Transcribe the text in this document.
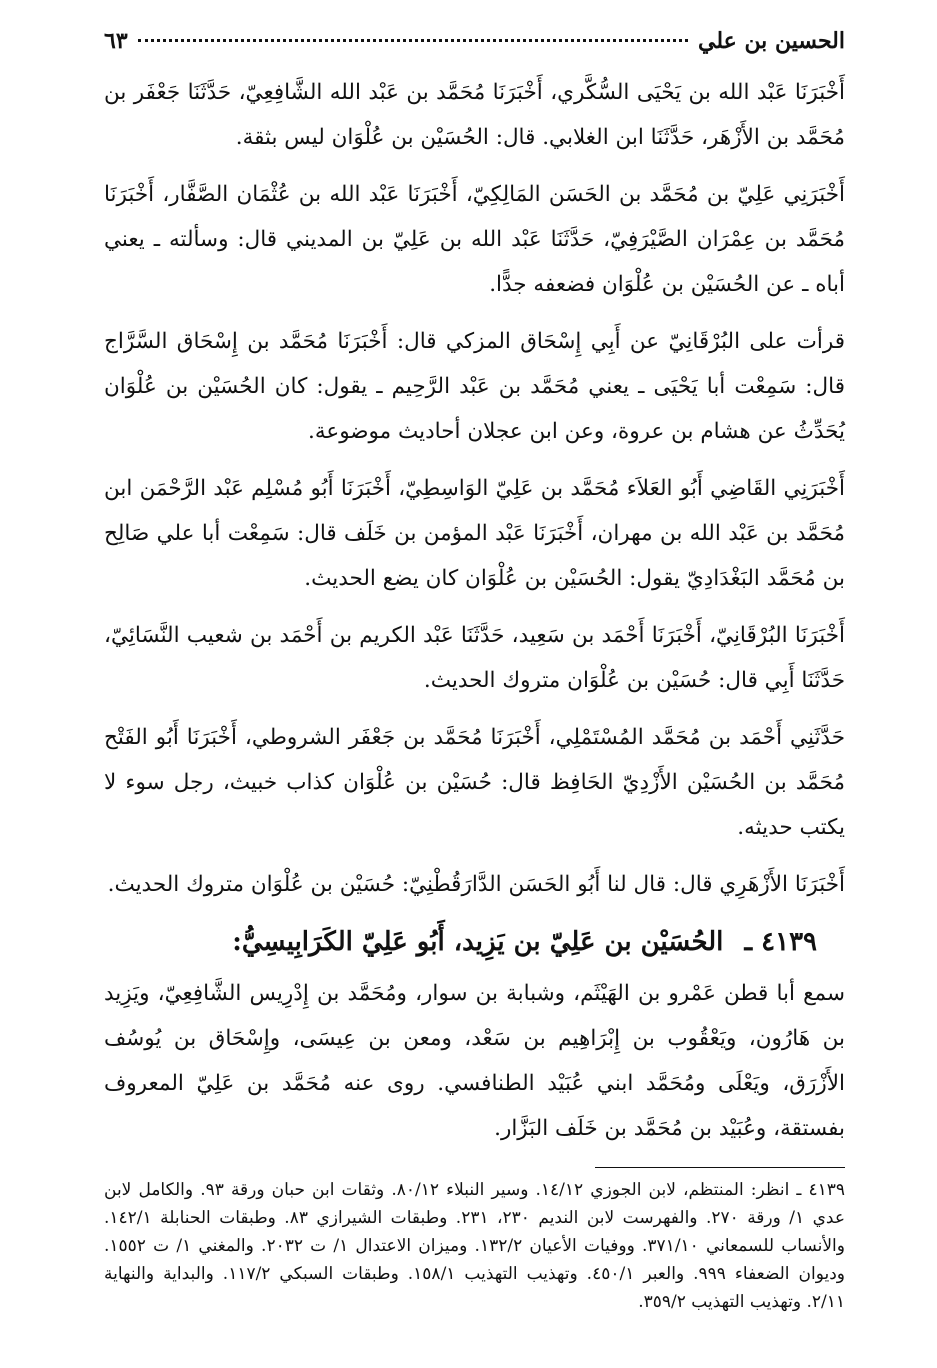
الحسين بن علي
٦٣

أَخْبَرَنَا عَبْد الله بن يَحْيَى السُّكَّري، أَخْبَرَنَا مُحَمَّد بن عَبْد الله الشَّافِعِيّ، حَدَّثَنَا جَعْفَر بن مُحَمَّد بن الأَزْهَر، حَدَّثَنَا ابن الغلابي. قال: الحُسَيْن بن عُلْوَان ليس بثقة.

أَخْبَرَنِي عَلِيّ بن مُحَمَّد بن الحَسَن المَالِكِيّ، أَخْبَرَنَا عَبْد الله بن عُثْمَان الصَّفَّار، أَخْبَرَنَا مُحَمَّد بن عِمْرَان الصَّيْرَفِيّ، حَدَّثَنَا عَبْد الله بن عَلِيّ بن المديني قال: وسألته ـ يعني أباه ـ عن الحُسَيْن بن عُلْوَان فضعفه جدًّا.

قرأت على البُرْقَانِيّ عن أَبِي إِسْحَاق المزكي قال: أَخْبَرَنَا مُحَمَّد بن إِسْحَاق السَّرَّاج قال: سَمِعْت أبا يَحْيَى ـ يعني مُحَمَّد بن عَبْد الرَّحِيم ـ يقول: كان الحُسَيْن بن عُلْوَان يُحَدِّثُ عن هشام بن عروة، وعن ابن عجلان أحاديث موضوعة.

أَخْبَرَنِي القَاضِي أَبُو العَلاَء مُحَمَّد بن عَلِيّ الوَاسِطِيّ، أَخْبَرَنَا أَبُو مُسْلِم عَبْد الرَّحْمَن ابن مُحَمَّد بن عَبْد الله بن مهران، أَخْبَرَنَا عَبْد المؤمن بن خَلَف قال: سَمِعْت أبا علي صَالِح بن مُحَمَّد البَغْدَادِيّ يقول: الحُسَيْن بن عُلْوَان كان يضع الحديث.

أَخْبَرَنَا البُرْقَانِيّ، أَخْبَرَنَا أَحْمَد بن سَعِيد، حَدَّثَنَا عَبْد الكريم بن أَحْمَد بن شعيب النَّسَائِيّ، حَدَّثَنَا أَبِي قال: حُسَيْن بن عُلْوَان متروك الحديث.

حَدَّثَنِي أَحْمَد بن مُحَمَّد المُسْتَمْلِي، أَخْبَرَنَا مُحَمَّد بن جَعْفَر الشروطي، أَخْبَرَنَا أَبُو الفَتْح مُحَمَّد بن الحُسَيْن الأَزْدِيّ الحَافِظ قال: حُسَيْن بن عُلْوَان كذاب خبيث، رجل سوء لا يكتب حديثه.

أَخْبَرَنَا الأَزْهَرِي قال: قال لنا أَبُو الحَسَن الدَّارَقُطْنِيّ: حُسَيْن بن عُلْوَان متروك الحديث.

٤١٣٩ ـ الحُسَيْن بن عَلِيّ بن يَزِيد، أَبُو عَلِيّ الكَرَابِيسِيُّ:

سمع أبا قطن عَمْرو بن الهَيْثَم، وشبابة بن سوار، ومُحَمَّد بن إِدْرِيس الشَّافِعِيّ، ويَزِيد بن هَارُون، ويَعْقُوب بن إِبْرَاهِيم بن سَعْد، ومعن بن عِيسَى، وإِسْحَاق بن يُوسُف الأَزْرَق، ويَعْلَى ومُحَمَّد ابني عُبَيْد الطنافسي. روى عنه مُحَمَّد بن عَلِيّ المعروف بفستقة، وعُبَيْد بن مُحَمَّد بن خَلَف البَزَّار.

٤١٣٩ ـ انظر: المنتظم، لابن الجوزي ١٤/١٢. وسير النبلاء ٨٠/١٢. وثقات ابن حبان ورقة ٩٣. والكامل لابن عدي ١/ ورقة ٢٧٠. والفهرست لابن النديم ٢٣٠، ٢٣١. وطبقات الشيرازي ٨٣. وطبقات الحنابلة ١٤٢/١. والأنساب للسمعاني ٣٧١/١٠. ووفيات الأعيان ١٣٢/٢. وميزان الاعتدال ١/ ت ٢٠٣٢. والمغني ١/ ت ١٥٥٢. وديوان الضعفاء ٩٩٩. والعبر ٤٥٠/١. وتهذيب التهذيب ١٥٨/١. وطبقات السبكي ١١٧/٢. والبداية والنهاية ٢/١١. وتهذيب التهذيب ٣٥٩/٢.
